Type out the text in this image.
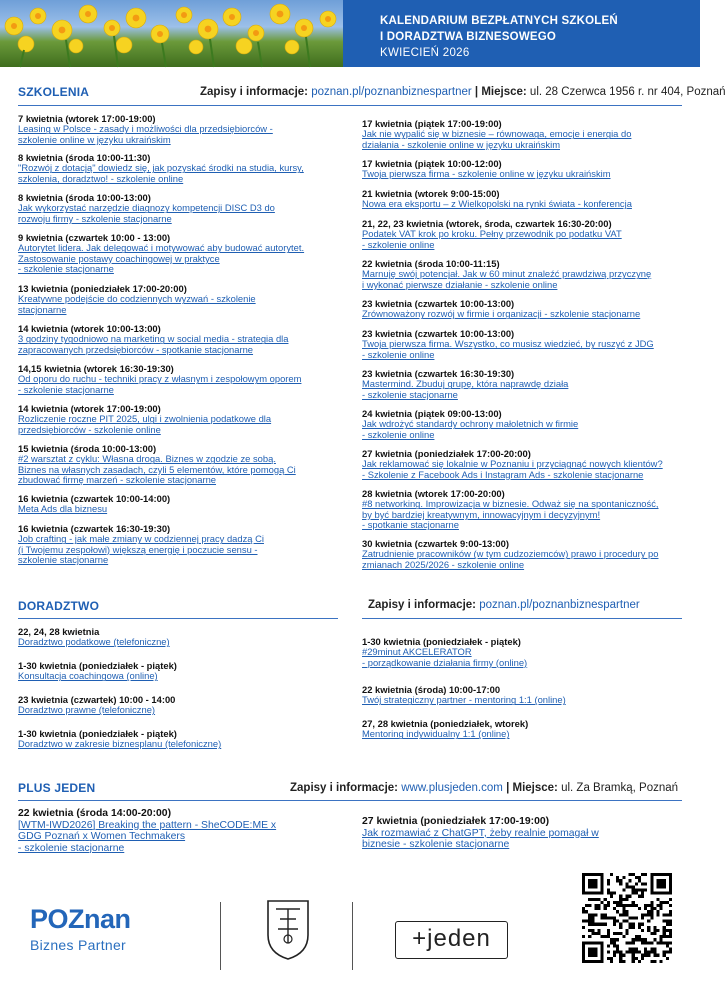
KALENDARIUM BEZPŁATNYCH SZKOLEŃ
I DORADZTWA BIZNESOWEGO
KWIECIEŃ 2026
SZKOLENIA	Zapisy i informacje: poznan.pl/poznanbiznespartner | Miejsce: ul. 28 Czerwca 1956 r. nr 404, Poznań
7 kwietnia (wtorek 17:00-19:00)
Leasing w Polsce - zasady i możliwości dla przedsiębiorców -
szkolenie online w języku ukraińskim
8 kwietnia (środa 10:00-11:30)
"Rozwój z dotacją" dowiedz się, jak pozyskać środki na studia, kursy,
szkolenia, doradztwo! - szkolenie online
8 kwietnia (środa 10:00-13:00)
Jak wykorzystać narzędzie diagnozy kompetencji DISC D3 do
rozwoju firmy - szkolenie stacjonarne
9 kwietnia (czwartek 10:00 - 13:00)
Autorytet lidera. Jak delegować i motywować aby budować autorytet.
Zastosowanie postawy coachingowej w praktyce
- szkolenie stacjonarne
13 kwietnia (poniedziałek 17:00-20:00)
Kreatywne podejście do codziennych wyzwań - szkolenie
stacjonarne
14 kwietnia (wtorek 10:00-13:00)
3 godziny tygodniowo na marketing w social media - strategia dla
zapracowanych przedsiębiorców - spotkanie stacjonarne
14,15 kwietnia (wtorek 16:30-19:30)
Od oporu do ruchu - techniki pracy z własnym i zespołowym oporem
- szkolenie stacjonarne
14 kwietnia (wtorek 17:00-19:00)
Rozliczenie roczne PIT 2025, ulgi i zwolnienia podatkowe dla
przedsiębiorców - szkolenie online
15 kwietnia (środa 10:00-13:00)
#2 warsztat z cyklu: Własna droga. Biznes w zgodzie ze sobą.
Biznes na własnych zasadach, czyli 5 elementów, które pomogą Ci
zbudować firmę marzeń - szkolenie stacjonarne
16 kwietnia (czwartek 10:00-14:00)
Meta Ads dla biznesu
16 kwietnia (czwartek 16:30-19:30)
Job crafting - jak małe zmiany w codziennej pracy dadzą Ci
(i Twojemu zespołowi) większą energię i poczucie sensu -
szkolenie stacjonarne
17 kwietnia (piątek 17:00-19:00)
Jak nie wypalić się w biznesie – równowaga, emocje i energia do
działania - szkolenie online w języku ukraińskim
17 kwietnia (piątek 10:00-12:00)
Twoja pierwsza firma - szkolenie online w języku ukraińskim
21 kwietnia (wtorek 9:00-15:00)
Nowa era eksportu – z Wielkopolski na rynki świata - konferencja
21, 22, 23 kwietnia (wtorek, środa, czwartek 16:30-20:00)
Podatek VAT krok po kroku. Pełny przewodnik po podatku VAT
- szkolenie online
22 kwietnia (środa 10:00-11:15)
Marnuję swój potencjał. Jak w 60 minut znaleźć prawdziwą przyczynę
i wykonać pierwsze działanie - szkolenie online
23 kwietnia (czwartek 10:00-13:00)
Zrównoważony rozwój w firmie i organizacji - szkolenie stacjonarne
23 kwietnia (czwartek 10:00-13:00)
Twoja pierwsza firma. Wszystko, co musisz wiedzieć, by ruszyć z JDG
- szkolenie online
23 kwietnia (czwartek 16:30-19:30)
Mastermind. Zbuduj grupę, która naprawdę działa
- szkolenie stacjonarne
24 kwietnia (piątek 09:00-13:00)
Jak wdrożyć standardy ochrony małoletnich w firmie
- szkolenie online
27 kwietnia (poniedziałek 17:00-20:00)
Jak reklamować się lokalnie w Poznaniu i przyciągnąć nowych klientów?
- Szkolenie z Facebook Ads i Instagram Ads - szkolenie stacjonarne
28 kwietnia (wtorek 17:00-20:00)
#8 networking. Improwizacja w biznesie. Odważ się na spontaniczność,
by być bardziej kreatywnym, innowacyjnym i decyzyjnym!
- spotkanie stacjonarne
30 kwietnia (czwartek 9:00-13:00)
Zatrudnienie pracowników (w tym cudzoziemców) prawo i procedury po
zmianach 2025/2026 - szkolenie online
DORADZTWO	Zapisy i informacje: poznan.pl/poznanbiznespartner
22, 24, 28 kwietnia
Doradztwo podatkowe (telefoniczne)
1-30 kwietnia (poniedziałek - piątek)
Konsultacja coachingowa (online)
23 kwietnia (czwartek) 10:00 - 14:00
Doradztwo prawne (telefoniczne)
1-30 kwietnia (poniedziałek - piątek)
Doradztwo w zakresie biznesplanu (telefoniczne)
1-30 kwietnia (poniedziałek - piątek)
#29minut AKCELERATOR
- porządkowanie działania firmy (online)
22 kwietnia (środa) 10:00-17:00
Twój strategiczny partner - mentoring 1:1 (online)
27, 28 kwietnia (poniedziałek, wtorek)
Mentoring indywidualny 1:1 (online)
PLUS JEDEN	Zapisy i informacje: www.plusjeden.com | Miejsce: ul. Za Bramką, Poznań
22 kwietnia (środa 14:00-20:00)
[WTM-IWD2026] Breaking the pattern - SheCODE:ME x
GDG Poznań x Women Techmakers
- szkolenie stacjonarne
27 kwietnia (poniedziałek 17:00-19:00)
Jak rozmawiać z ChatGPT, żeby realnie pomagał w
biznesie - szkolenie stacjonarne
POZnan
Biznes Partner	+jeden
